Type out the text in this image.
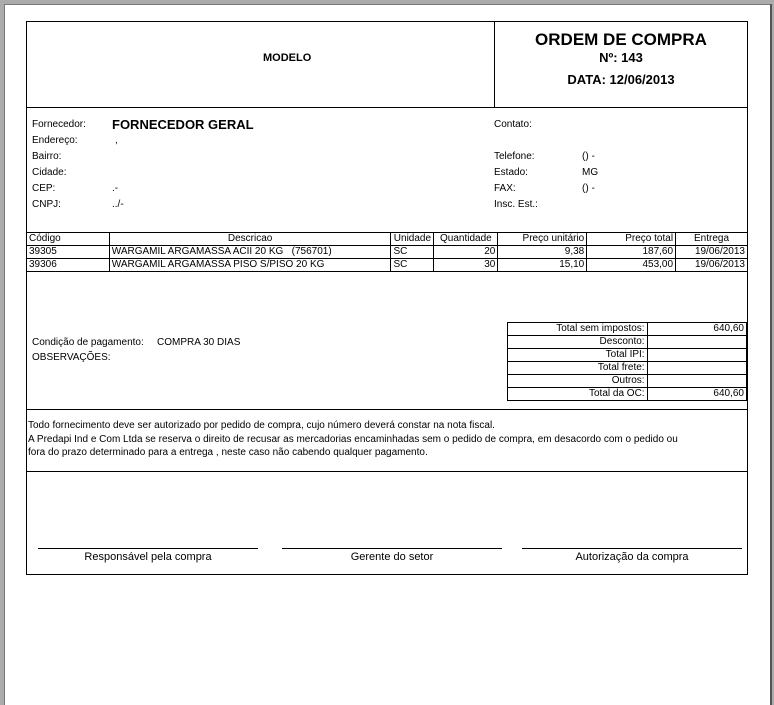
MODELO
ORDEM DE COMPRA
Nº: 143
DATA: 12/06/2013
Fornecedor: FORNECEDOR GERAL
Endereço:	,
Bairro:
Cidade:
CEP:	.-
CNPJ:	../-
Contato:
Telefone:	() -
Estado:	MG
FAX:	() -
Insc. Est.:
Código	Descricao	Unidade	Quantidade	Preço unitário	Preço total	Entrega
39305	WARGAMIL ARGAMASSA ACII 20 KG   (756701)	SC	20	9,38	187,60	19/06/2013
39306	WARGAMIL ARGAMASSA PISO S/PISO 20 KG	SC	30	15,10	453,00	19/06/2013
Condição de pagamento: COMPRA 30 DIAS
OBSERVAÇÕES:
Total sem impostos:	640,60
Desconto:	
Total IPI:	
Total frete:	
Outros:	
Total da OC:	640,60
Todo fornecimento deve ser autorizado por pedido de compra, cujo número deverá constar na nota fiscal.
A Predapi Ind e Com Ltda se reserva o direito de recusar as mercadorias encaminhadas sem o pedido de compra, em desacordo com o pedido ou
fora do prazo determinado para a entrega , neste caso não cabendo qualquer pagamento.
Responsável pela compra	Gerente do setor	Autorização da compra
